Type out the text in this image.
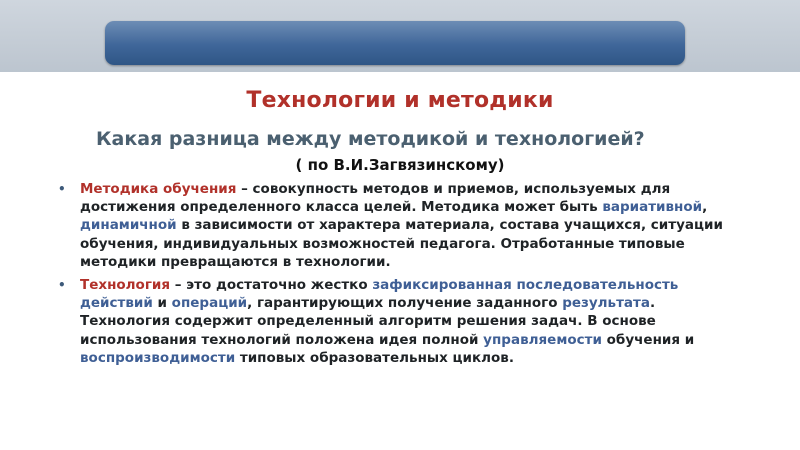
Технологии и методики
Какая разница между методикой и технологией?
( по В.И.Загвязинскому)
• Методика обучения – совокупность методов и приемов, используемых для достижения определенного класса целей. Методика может быть вариативной, динамичной в зависимости от характера материала, состава учащихся, ситуации обучения, индивидуальных возможностей педагога. Отработанные типовые методики превращаются в технологии.
• Технология – это достаточно жестко зафиксированная последовательность действий и операций, гарантирующих получение заданного результата. Технология содержит определенный алгоритм решения задач. В основе использования технологий положена идея полной управляемости обучения и воспроизводимости типовых образовательных циклов.
